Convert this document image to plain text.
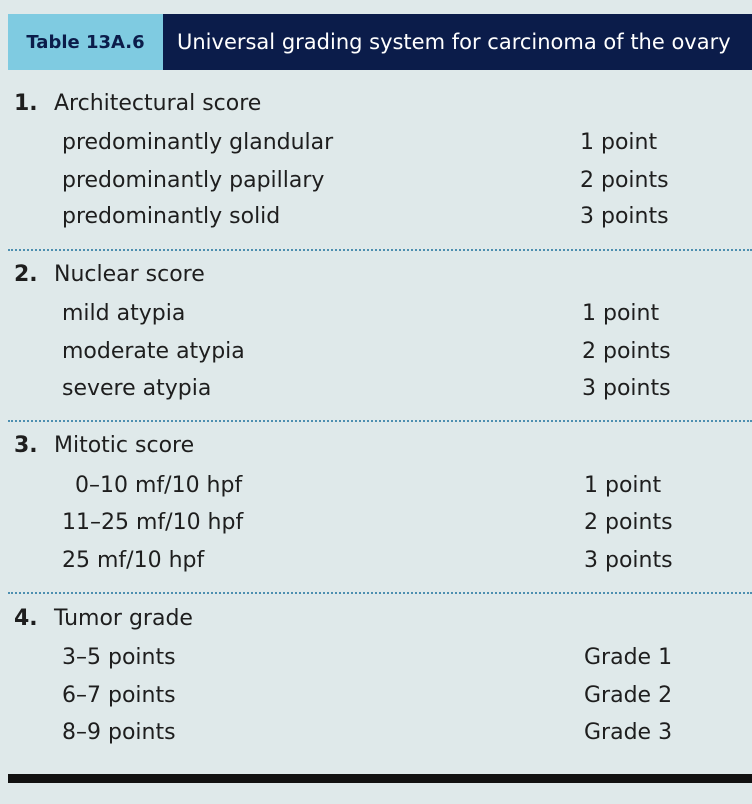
Table 13A.6	Universal grading system for carcinoma of the ovary
1. Architectural score
predominantly glandular	1 point
predominantly papillary	2 points
predominantly solid	3 points
2. Nuclear score
mild atypia	1 point
moderate atypia	2 points
severe atypia	3 points
3. Mitotic score
0–10 mf/10 hpf	1 point
11–25 mf/10 hpf	2 points
25 mf/10 hpf	3 points
4. Tumor grade
3–5 points	Grade 1
6–7 points	Grade 2
8–9 points	Grade 3
